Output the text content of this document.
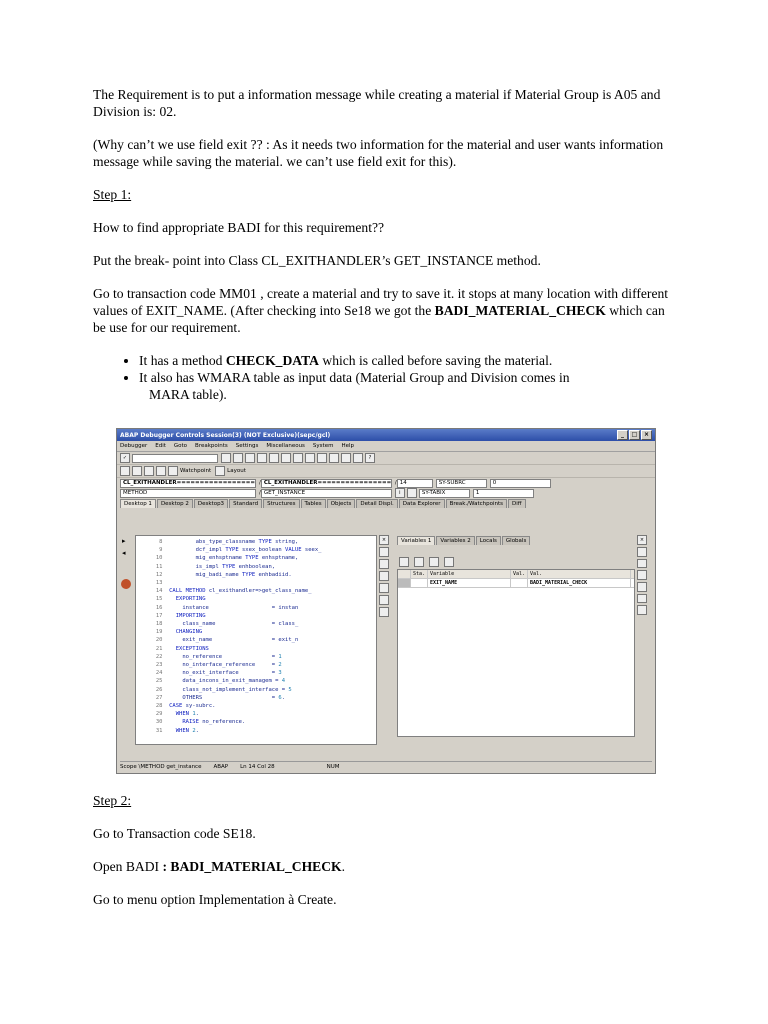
The Requirement is to put a information message while creating a material if Material Group is A05 and Division is: 02.

(Why can’t we use field exit ?? : As it needs two information for the material and user wants information message while saving the material. we can’t use field exit for this).

Step 1:

How to find appropriate BADI for this requirement??

Put the break- point into Class CL_EXITHANDLER’s GET_INSTANCE method.

Go to transaction code MM01 , create a material and try to save it. it stops at many location with different values of EXIT_NAME. (After checking into Se18 we got the BADI_MATERIAL_CHECK which can be use for our requirement.

• It has a method CHECK_DATA which is called before saving the material.
• It also has WMARA table as input data (Material Group and Division comes in
MARA table).
ABAP Debugger Controls Session(3) (NOT Exclusive)(sepc/gcl)	_	□	×
Debugger Edit Goto Breakpoints Settings Miscellaneous System Help
✓	?
Watchpoint	Layout
CL_EXITHANDLER=================	CL_EXITHANDLER================	14	SY-SUBRC	0
METHOD	GET_INSTANCE	i	SY-TABIX	1
Desktop 1	Desktop 2	Desktop3	Standard	Structures	Tables	Objects	Detail Displ.	Data Explorer	Break./Watchpoints	Diff
8          abs_type_classname TYPE string,
9          dcf_impl TYPE sxex_boolean VALUE seex_
10          mig_enhsptname TYPE enhsptname,
11          is_impl TYPE enhboolean,
12          mig_badi_name TYPE enhbadiid.
13
14 CALL METHOD cl_exithandler=>get_class_name_
15 EXPORTING
16	instance                   = instan
17 IMPORTING
18	class_name                 = class_
19 CHANGING
20	exit_name                  = exit_n
21 EXCEPTIONS
22      no_reference               = 1
23      no_interface_reference     = 2
24      no_exit_interface          = 3
25      data_incons_in_exit_managem = 4
26      class_not_implement_interface = 5
27      OTHERS                     = 6.
28 CASE sy-subrc.
29 WHEN 1.
30	RAISE no_reference.
31 WHEN 2.
▸
◂
×	Variables 1	Variables 2	Locals	Globals
Sta. Variable	Val. Val.
EXIT_NAME	BADI_MATERIAL_CHECK
×
Scope \METHOD get_instance ABAP Ln 14 Col 28	NUM

Step 2:

Go to Transaction code SE18.

Open BADI : BADI_MATERIAL_CHECK.

Go to menu option Implementation à Create.
